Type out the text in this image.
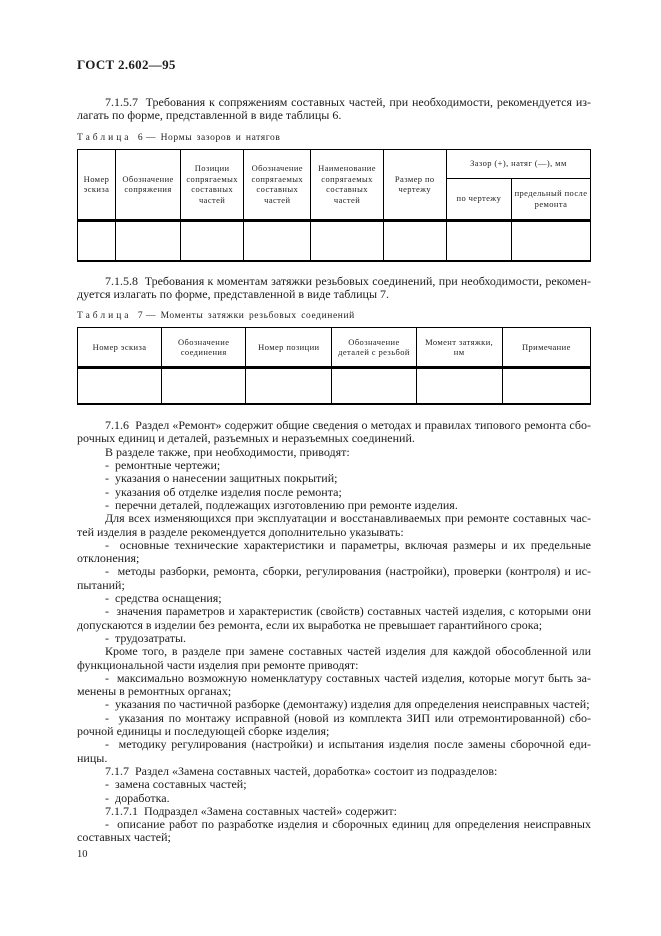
ГОСТ 2.602—95
7.1.5.7  Требования к сопряжениям составных частей, при необходимости, рекомендуется из-
лагать по форме, представленной в виде таблицы 6.
Таблица 6 — Нормы зазоров и натягов
Номер эскиза	Обозначение сопряжения	Позиции сопрягаемых составных частей	Обозначение сопрягаемых составных частей	Наименование сопрягаемых составных частей	Размер по чертежу	Зазор (+), натяг (—), мм	
						по чертежу	предельный после ремонта

7.1.5.8  Требования к моментам затяжки резьбовых соединений, при необходимости, рекомен-
дуется излагать по форме, представленной в виде таблицы 7.
Таблица 7 — Моменты затяжки резьбовых соединений
Номер эскиза	Обозначение соединения	Номер позиции	Обозначение деталей с резьбой	Момент затяжки, нм	Примечание

7.1.6  Раздел «Ремонт» содержит общие сведения о методах и правилах типового ремонта сбо-
рочных единиц и деталей, разъемных и неразъемных соединений.
В разделе также, при необходимости, приводят:
-  ремонтные чертежи;
-  указания о нанесении защитных покрытий;
-  указания об отделке изделия после ремонта;
-  перечни деталей, подлежащих изготовлению при ремонте изделия.
Для всех изменяющихся при эксплуатации и восстанавливаемых при ремонте составных час-
тей изделия в разделе рекомендуется дополнительно указывать:
-  основные технические характеристики и параметры, включая размеры и их предельные
отклонения;
-  методы разборки, ремонта, сборки, регулирования (настройки), проверки (контроля) и ис-
пытаний;
-  средства оснащения;
-  значения параметров и характеристик (свойств) составных частей изделия, с которыми они
допускаются в изделии без ремонта, если их выработка не превышает гарантийного срока;
-  трудозатраты.
Кроме того, в разделе при замене составных частей изделия для каждой обособленной или
функциональной части изделия при ремонте приводят:
-  максимально возможную номенклатуру составных частей изделия, которые могут быть за-
менены в ремонтных органах;
-  указания по частичной разборке (демонтажу) изделия для определения неисправных частей;
-  указания по монтажу исправной (новой из комплекта ЗИП или отремонтированной) сбо-
рочной единицы и последующей сборке изделия;
-  методику регулирования (настройки) и испытания изделия после замены сборочной еди-
ницы.
7.1.7  Раздел «Замена составных частей, доработка» состоит из подразделов:
-  замена составных частей;
-  доработка.
7.1.7.1  Подраздел «Замена составных частей» содержит:
-  описание работ по разработке изделия и сборочных единиц для определения неисправных
составных частей;
10
